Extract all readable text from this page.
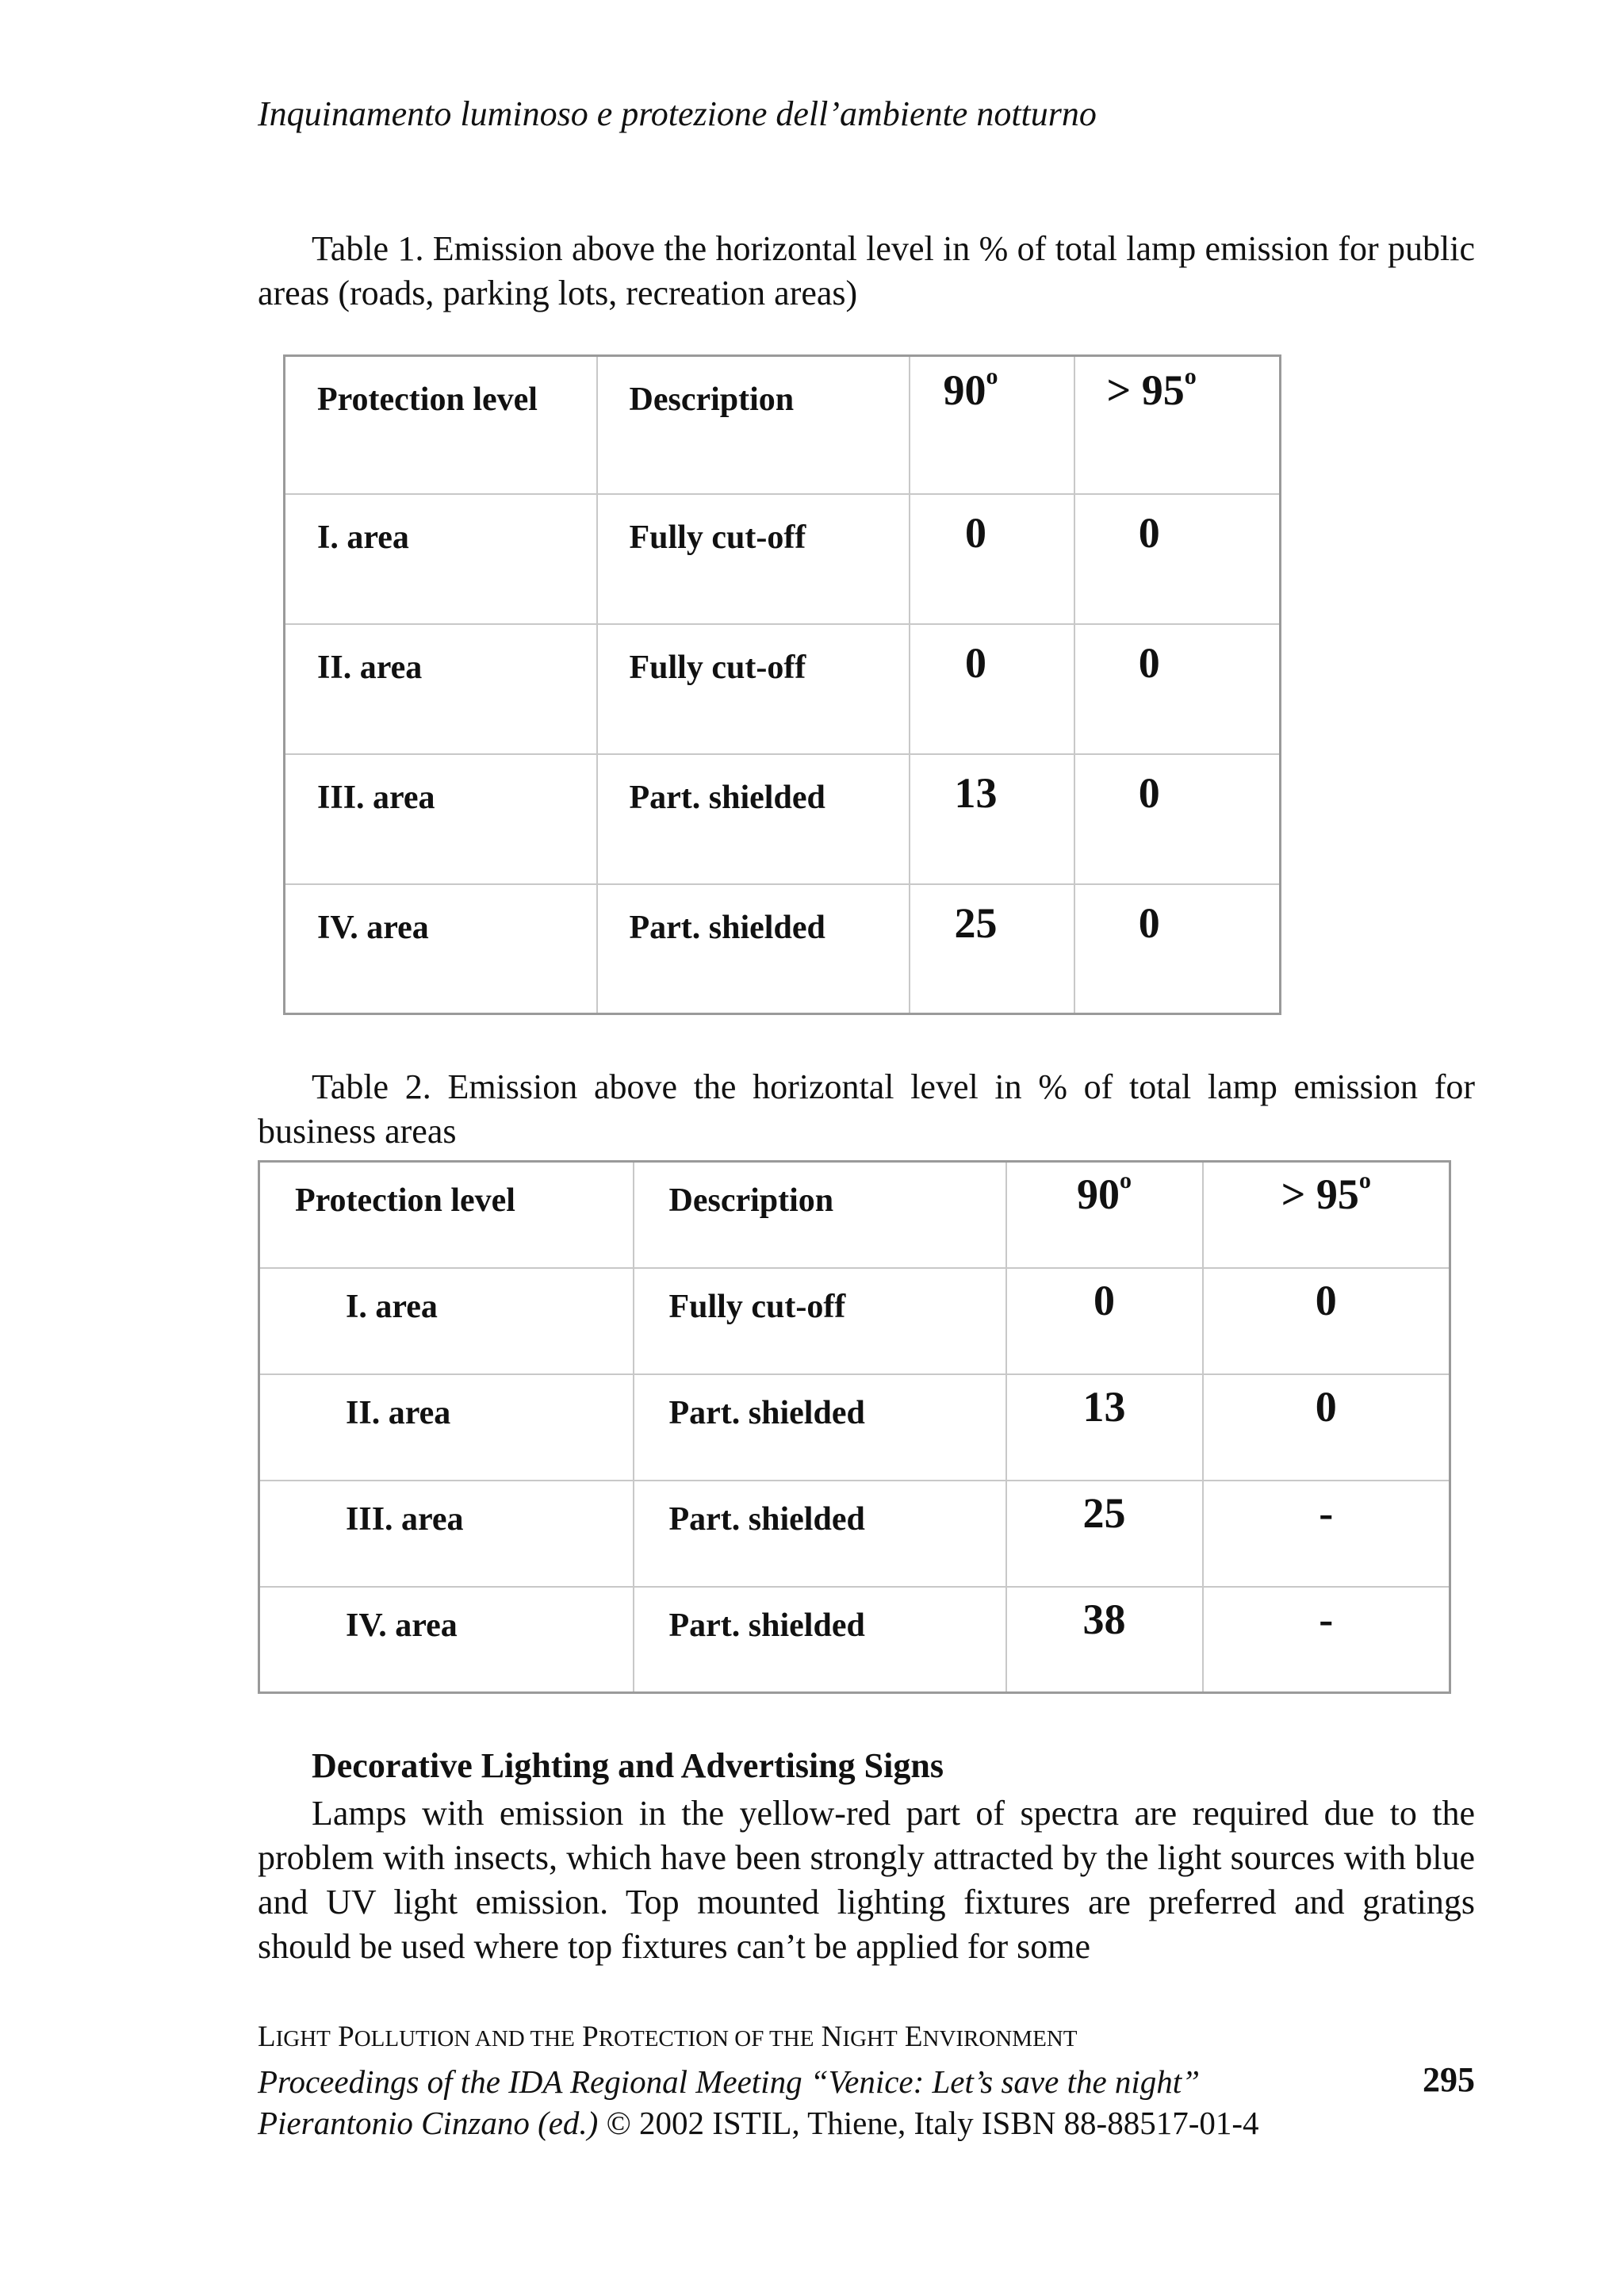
Inquinamento luminoso e protezione dell’ambiente notturno
Table 1. Emission above the horizontal level in % of total lamp emission for public areas (roads, parking lots, recreation areas)
Protection level	Description	$90^o$	> $95^o$
I. area	Fully cut-off	0	0
II. area	Fully cut-off	0	0
III. area	Part. shielded	13	0
IV. area	Part. shielded	25	0
Table 2. Emission above the horizontal level in % of total lamp emission for business areas
Protection level	Description	$90^o$	> $95^o$
I. area	Fully cut-off	0	0
II. area	Part. shielded	13	0
III. area	Part. shielded	25	-
IV. area	Part. shielded	38	-
Decorative Lighting and Advertising Signs
Lamps with emission in the yellow-red part of spectra are required due to the problem with insects, which have been strongly attracted by the light sources with blue and UV light emission. Top mounted lighting fixtures are preferred and gratings should be used where top fixtures can’t be applied for some
LIGHT POLLUTION AND THE PROTECTION OF THE NIGHT ENVIRONMENT
Proceedings of the IDA Regional Meeting “Venice: Let’s save the night”
Pierantonio Cinzano (ed.) © 2002 ISTIL, Thiene, Italy ISBN 88-88517-01-4
295
